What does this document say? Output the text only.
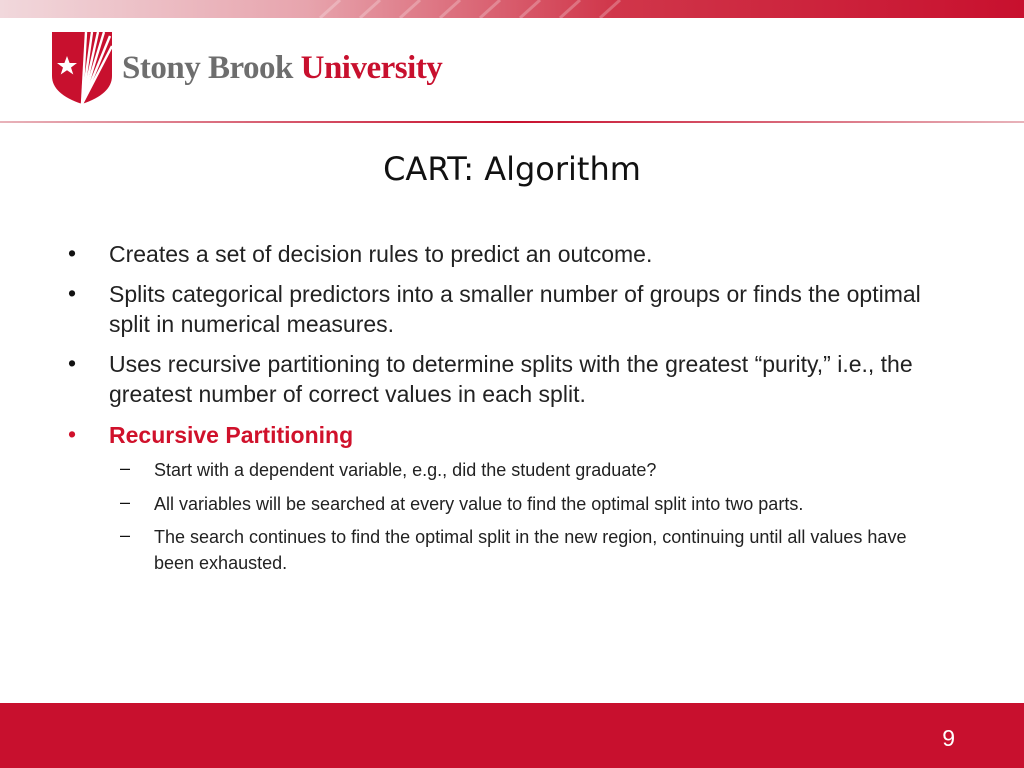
Stony Brook University
CART: Algorithm
• Creates a set of decision rules to predict an outcome.
• Splits categorical predictors into a smaller number of groups or finds the optimal split in numerical measures.
• Uses recursive partitioning to determine splits with the greatest “purity,” i.e., the greatest number of correct values in each split.
• Recursive Partitioning
– Start with a dependent variable, e.g., did the student graduate?
– All variables will be searched at every value to find the optimal split into two parts.
– The search continues to find the optimal split in the new region, continuing until all values have been exhausted.
9
